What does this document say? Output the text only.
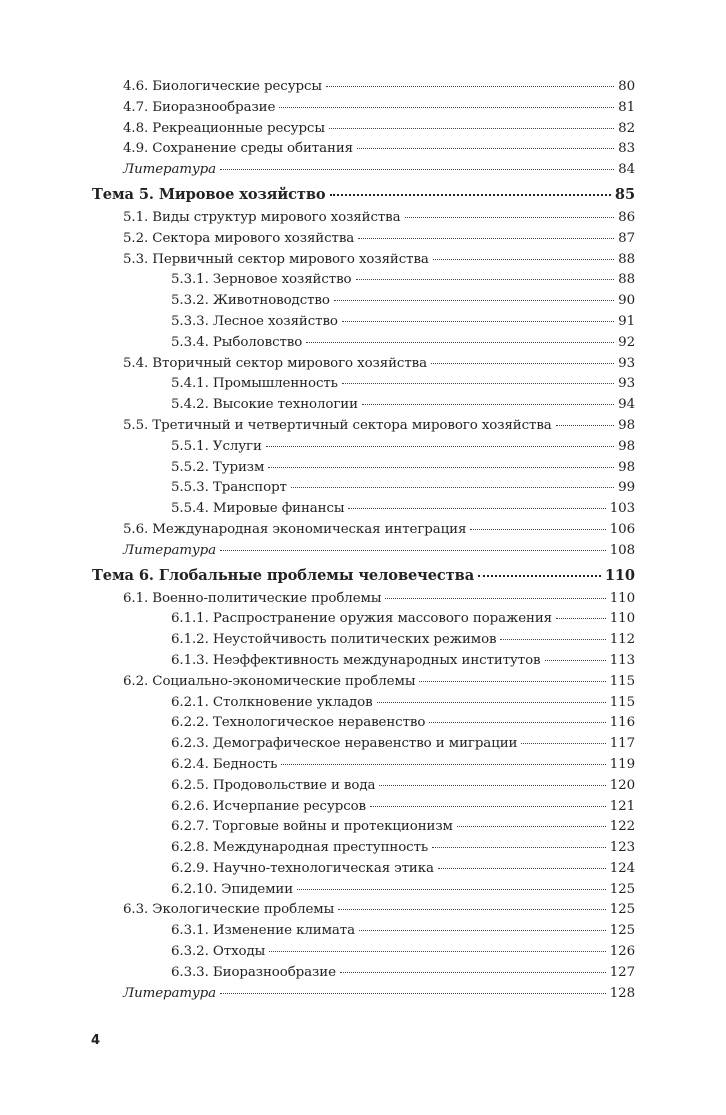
4.6. Биологические ресурсы	80
4.7. Биоразнообразие	81
4.8. Рекреационные ресурсы	82
4.9. Сохранение среды обитания	83
Литература	84
Тема 5. Мировое хозяйство	85
5.1. Виды структур мирового хозяйства	86
5.2. Сектора мирового хозяйства	87
5.3. Первичный сектор мирового хозяйства	88
5.3.1. Зерновое хозяйство	88
5.3.2. Животноводство	90
5.3.3. Лесное хозяйство	91
5.3.4. Рыболовство	92
5.4. Вторичный сектор мирового хозяйства	93
5.4.1. Промышленность	93
5.4.2. Высокие технологии	94
5.5. Третичный и четвертичный сектора мирового хозяйства	98
5.5.1. Услуги	98
5.5.2. Туризм	98
5.5.3. Транспорт	99
5.5.4. Мировые финансы	103
5.6. Международная экономическая интеграция	106
Литература	108
Тема 6. Глобальные проблемы человечества	110
6.1. Военно-политические проблемы	110
6.1.1. Распространение оружия массового поражения	110
6.1.2. Неустойчивость политических режимов	112
6.1.3. Неэффективность международных институтов	113
6.2. Социально-экономические проблемы	115
6.2.1. Столкновение укладов	115
6.2.2. Технологическое неравенство	116
6.2.3. Демографическое неравенство и миграции	117
6.2.4. Бедность	119
6.2.5. Продовольствие и вода	120
6.2.6. Исчерпание ресурсов	121
6.2.7. Торговые войны и протекционизм	122
6.2.8. Международная преступность	123
6.2.9. Научно-технологическая этика	124
6.2.10. Эпидемии	125
6.3. Экологические проблемы	125
6.3.1. Изменение климата	125
6.3.2. Отходы	126
6.3.3. Биоразнообразие	127
Литература	128
4
